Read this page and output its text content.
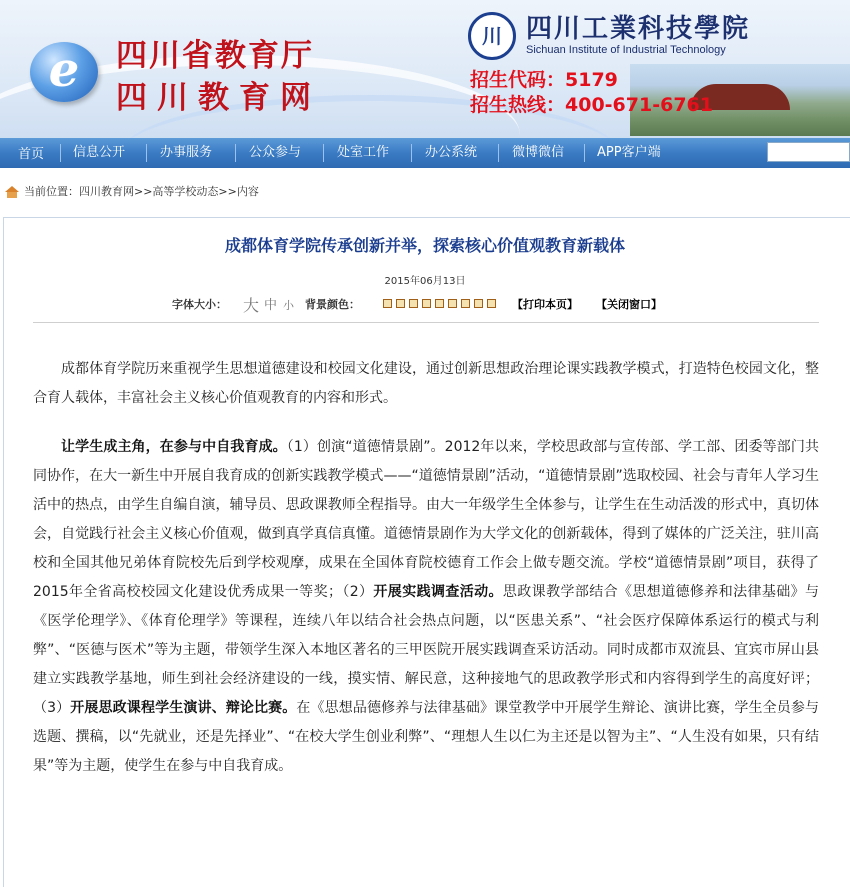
e	四川省教育厅
四川教育网
川 四川工業科技學院
Sichuan Institute of Industrial Technology
招生代码：5179
招生热线：400-671-6761
首页 信息公开	办事服务	公众参与	处室工作	办公系统	微博微信	APP客户端
当前位置：四川教育网>>高等学校动态>>内容
成都体育学院传承创新并举，探索核心价值观教育新载体
2015年06月13日
字体大小： 大 中 小 背景颜色：	【打印本页】 【关闭窗口】
成都体育学院历来重视学生思想道德建设和校园文化建设，通过创新思想政治理论课实践教学模式，打造特色校园文化，整合育人载体，丰富社会主义核心价值观教育的内容和形式。
让学生成主角，在参与中自我育成。（1）创演“道德情景剧”。2012年以来，学校思政部与宣传部、学工部、团委等部门共同协作，在大一新生中开展自我育成的创新实践教学模式——“道德情景剧”活动，“道德情景剧”选取校园、社会与青年人学习生活中的热点，由学生自编自演，辅导员、思政课教师全程指导。由大一年级学生全体参与，让学生在生动活泼的形式中，真切体会，自觉践行社会主义核心价值观，做到真学真信真懂。道德情景剧作为大学文化的创新载体，得到了媒体的广泛关注，驻川高校和全国其他兄弟体育院校先后到学校观摩，成果在全国体育院校德育工作会上做专题交流。学校“道德情景剧”项目，获得了2015年全省高校校园文化建设优秀成果一等奖；（2）开展实践调查活动。思政课教学部结合《思想道德修养和法律基础》与《医学伦理学》、《体育伦理学》等课程，连续八年以结合社会热点问题，以“医患关系”、“社会医疗保障体系运行的模式与利弊”、“医德与医术”等为主题，带领学生深入本地区著名的三甲医院开展实践调查采访活动。同时成都市双流县、宜宾市屏山县建立实践教学基地，师生到社会经济建设的一线，摸实情、解民意，这种接地气的思政教学形式和内容得到学生的高度好评；（3）开展思政课程学生演讲、辩论比赛。在《思想品德修养与法律基础》课堂教学中开展学生辩论、演讲比赛，学生全员参与选题、撰稿，以“先就业，还是先择业”、“在校大学生创业利弊”、“理想人生以仁为主还是以智为主”、“人生没有如果，只有结果”等为主题，使学生在参与中自我育成。
